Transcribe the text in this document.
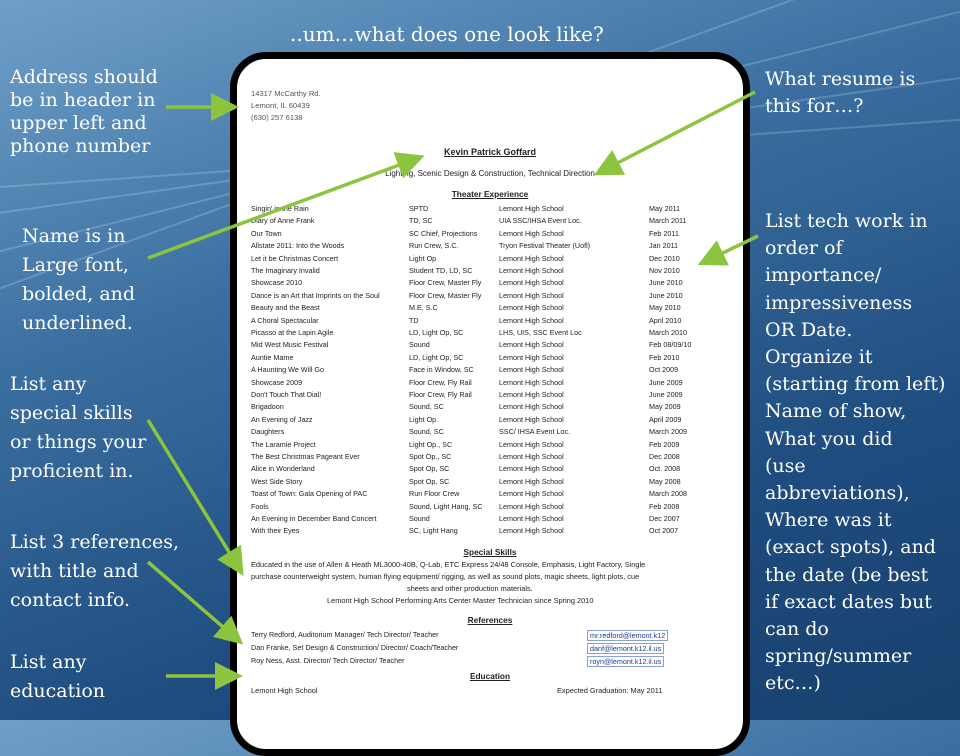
..um…what does one look like?
Address should
be in header in
upper left and
phone number
Name is in
Large font,
bolded, and
underlined.
List any
special skills
or things your
proficient in.
List 3 references,
with title and
contact info.
List any
education
What resume is
this for…?
List tech work in
order of
importance/
impressiveness
OR Date.
Organize it
(starting from left)
Name of show,
What you did
(use
abbreviations),
Where was it
(exact spots), and
the date (be best
if exact dates but
can do
spring/summer
etc…)
14317 McCarthy Rd.
Lemont, IL 60439
(630) 257 6138
Kevin Patrick Goffard
Lighting, Scenic Design & Construction, Technical Direction
Theater Experience
Singin' in the Rain	SPTD	Lemont High School	May 2011
Diary of Anne Frank	TD, SC	UIA SSC/IHSA Event Loc.	March 2011
Our Town	SC Chief, Projections	Lemont High School	Feb 2011
Allstate 2011: Into the Woods	Run Crew, S.C.	Tryon Festival Theater (Uofl)	Jan 2011
Let it be Christmas Concert	Light Op	Lemont High School	Dec 2010
The Imaginary Invalid	Student TD, LD, SC	Lemont High School	Nov 2010
Showcase 2010	Floor Crew, Master Fly	Lemont High School	June 2010
Dance is an Art that Imprints on the Soul	Floor Crew, Master Fly	Lemont High School	June 2010
Beauty and the Beast	M.E, S.C	Lemont High School	May 2010
A Choral Spectacular	TD	Lemont High School	April 2010
Picasso at the Lapin Agile	LD, Light Op, SC	LHS, UIS, SSC Event Loc	March 2010
Mid West Music Festival	Sound	Lemont High School	Feb 08/09/10
Auntie Mame	LD, Light Op, SC	Lemont High School	Feb 2010
A Haunting We Will Go	Face in Window, SC	Lemont High School	Oct 2009
Showcase 2009	Floor Crew, Fly Rail	Lemont High School	June 2009
Don't Touch That Dial!	Floor Crew, Fly Rail	Lemont High School	June 2009
Brigadoon	Sound, SC	Lemont High School	May 2009
An Evening of Jazz	Light Op.	Lemont High School	April 2009
Daughters	Sound, SC	SSC/ IHSA Event Loc.	March 2009
The Laramie Project	Light Op., SC	Lemont High School	Feb 2009
The Best Christmas Pageant Ever	Spot Op., SC	Lemont High School	Dec 2008
Alice in Wonderland	Spot Op, SC	Lemont High School	Oct. 2008
West Side Story	Spot Op, SC	Lemont High School	May 2008
Toast of Town: Gala Opening of PAC	Run Floor Crew	Lemont High School	March 2008
Fools	Sound, Light Hang, SC	Lemont High School	Feb 2008
An Evening in December Band Concert	Sound	Lemont High School	Dec 2007
With their Eyes	SC, Light Hang	Lemont High School	Oct 2007
Special Skills
Educated in the use of Allen & Heath ML3000-40B, Q-Lab, ETC Express 24/48 Console, Emphasis, Light Factory, Single
purchase counterweight system, human flying equipment/ rigging, as well as sound plots, magic sheets, light plots, cue
sheets and other production materials.
Lemont High School Performing Arts Center Master Technician since Spring 2010
References
Terry Redford, Auditorium Manager/ Tech Director/ Teacher	mr.redford@lemont.k12
Dan Franke, Set Design & Construction/ Director/ Coach/Teacher	danf@lemont.k12.il.us
Roy Ness, Asst. Director/ Tech Director/ Teacher	royn@lemont.k12.il.us
Education
Lemont High School	Expected Graduation: May 2011
